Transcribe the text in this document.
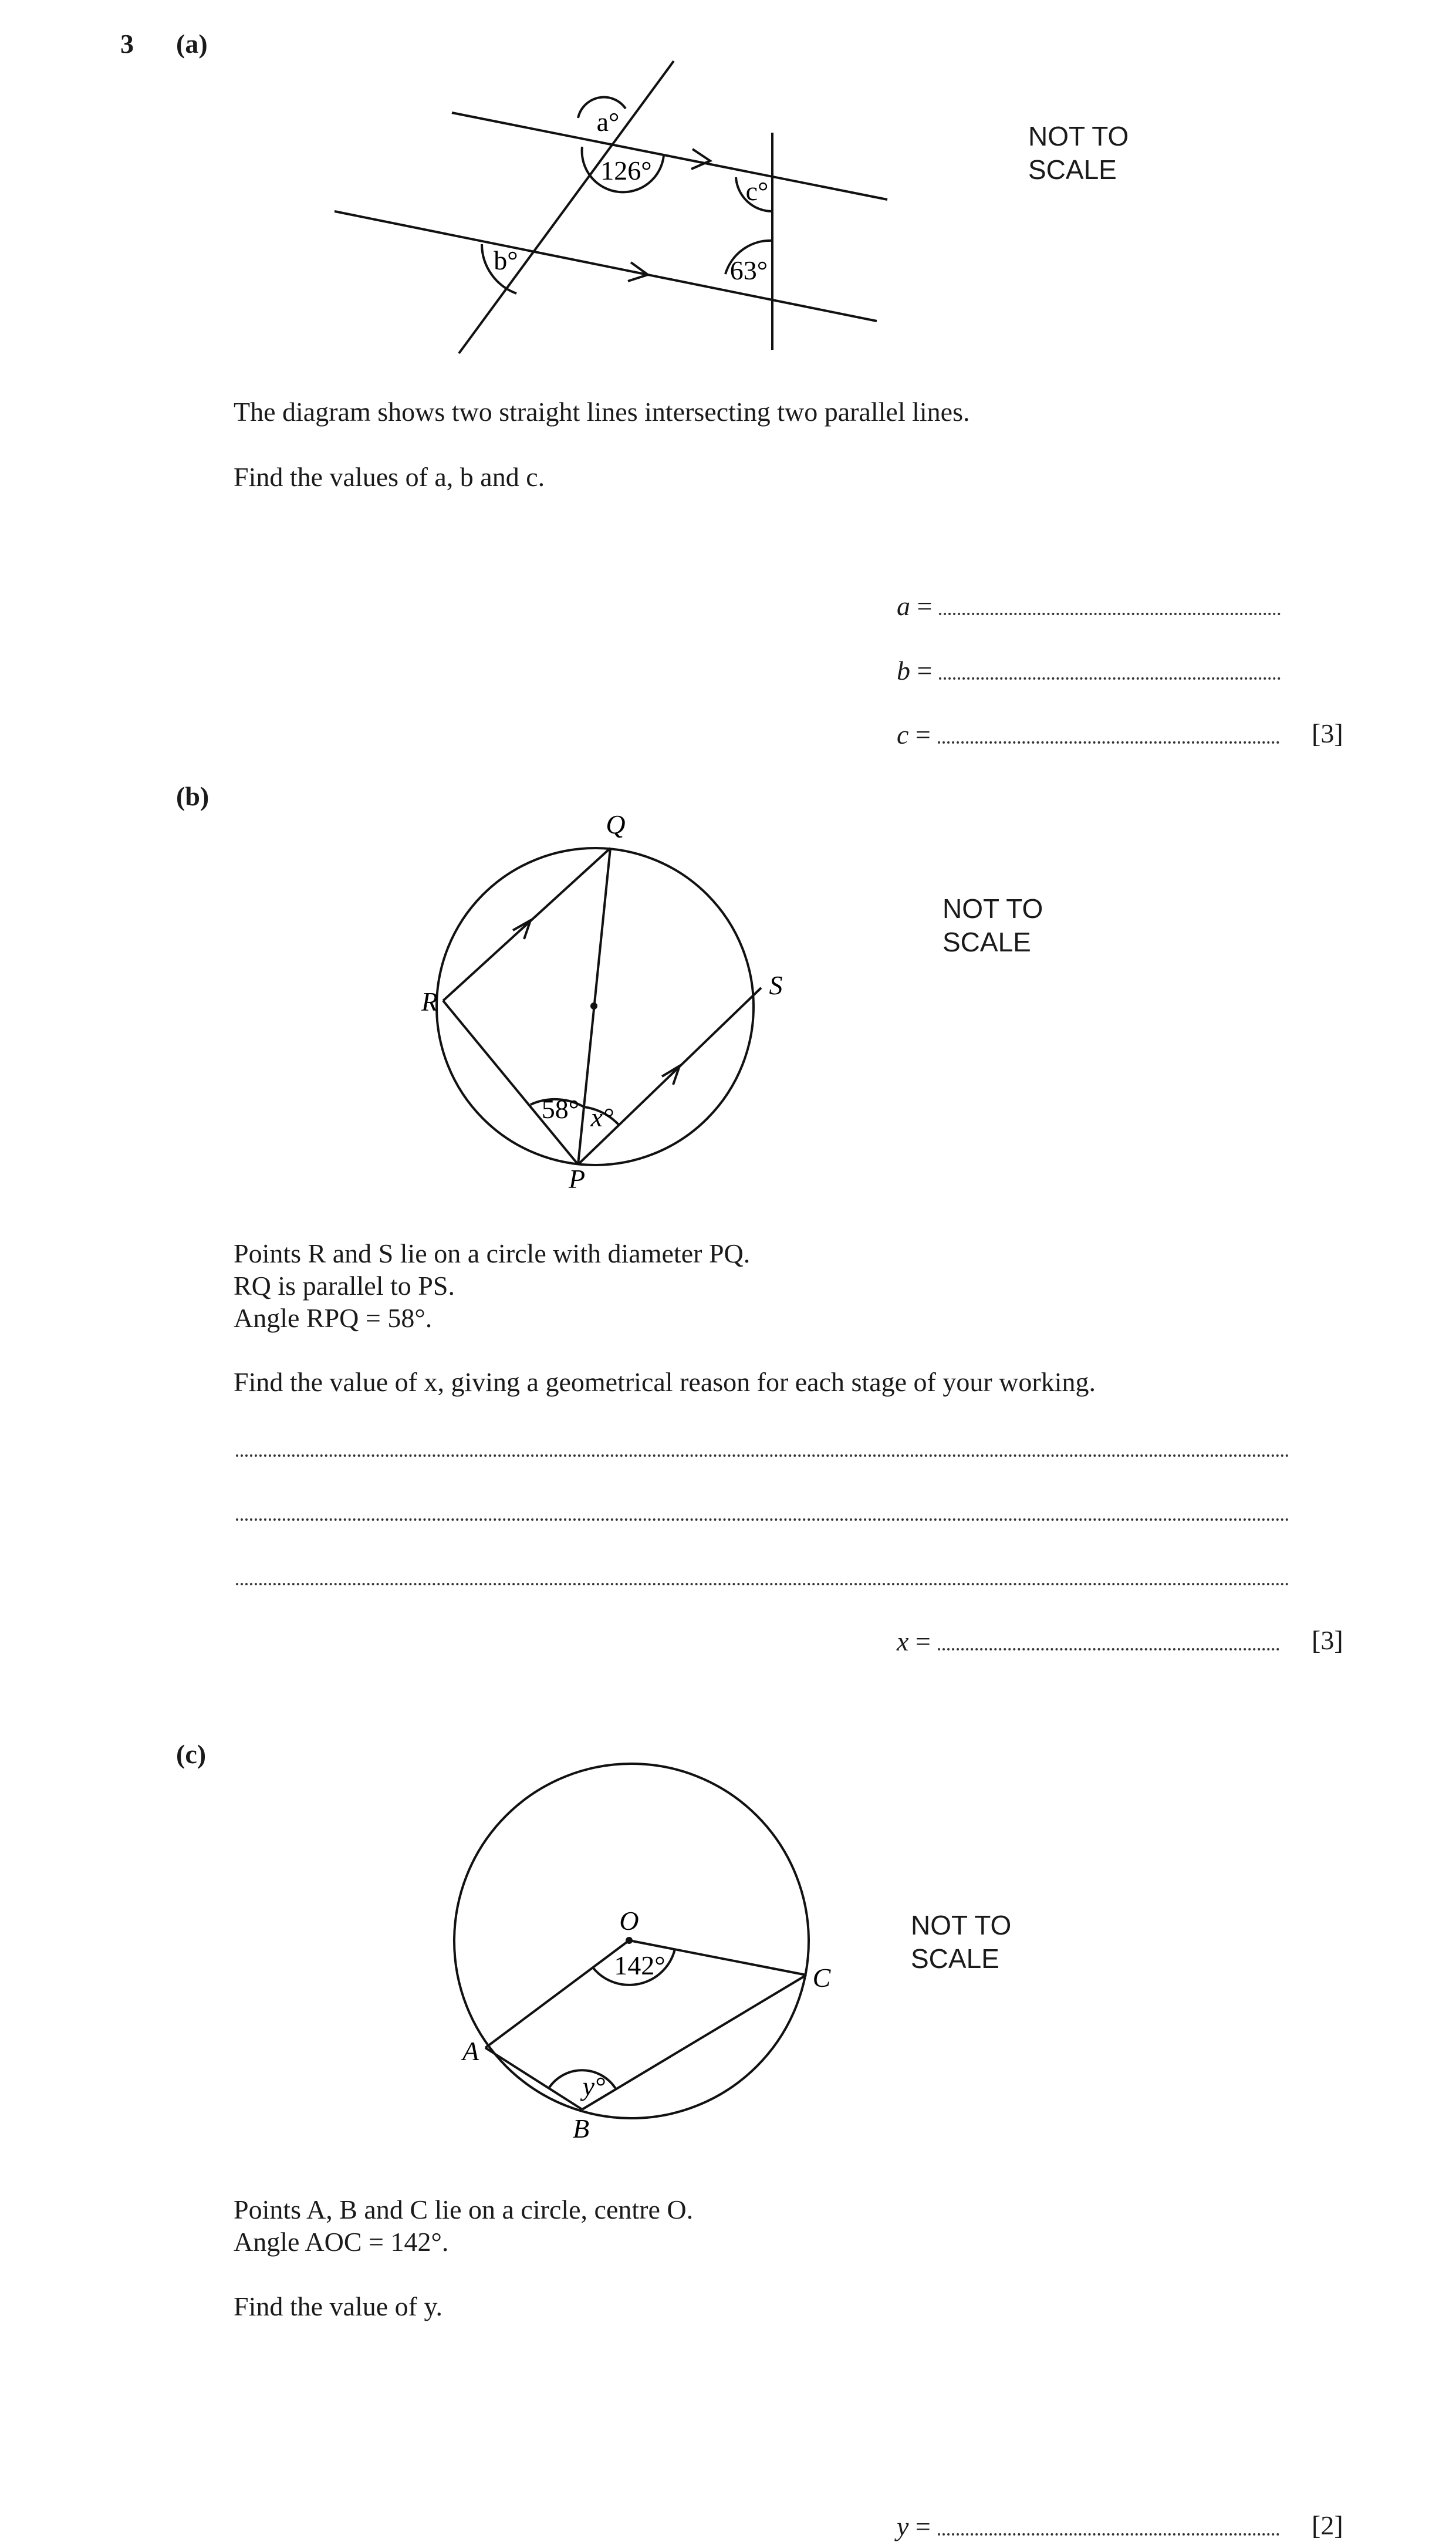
3 (a)
a°
126°
c°
b°	63°
NOT TO
SCALE
The diagram shows two straight lines intersecting two parallel lines.
Find the values of a, b and c.
a =
b =
c =	[3]
(b)
Q
R
S
P
58° x°
NOT TO
SCALE
Points R and S lie on a circle with diameter PQ.
RQ is parallel to PS.
Angle RPQ = 58°.
Find the value of x, giving a geometrical reason for each stage of your working.
x =	[3]
(c)
O
C
A
B
142°
y°
NOT TO
SCALE
Points A, B and C lie on a circle, centre O.
Angle AOC = 142°.
Find the value of y.
y =	[2]
